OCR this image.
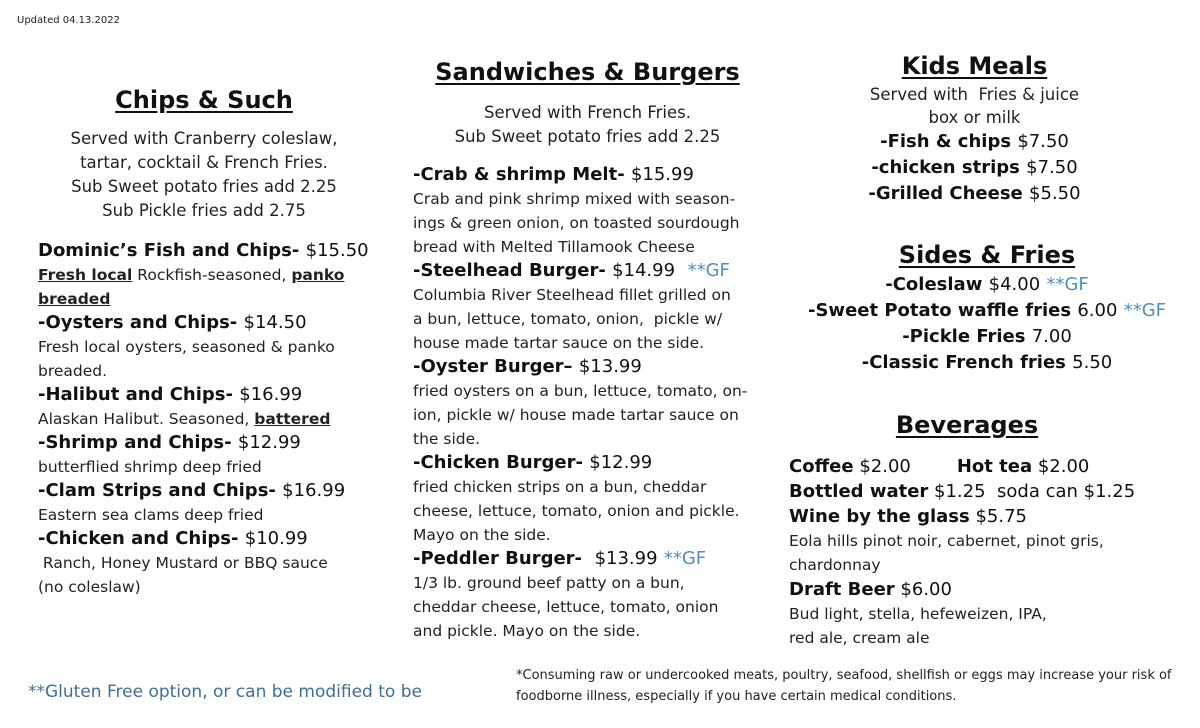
Updated 04.13.2022
Chips & Such
Served with Cranberry coleslaw,
tartar, cocktail & French Fries.
Sub Sweet potato fries add 2.25
Sub Pickle fries add 2.75
Dominic’s Fish and Chips- $15.50
Fresh local Rockfish-seasoned, panko
breaded
-Oysters and Chips- $14.50
Fresh local oysters, seasoned & panko
breaded.
-Halibut and Chips- $16.99
Alaskan Halibut. Seasoned, battered
-Shrimp and Chips- $12.99
butterflied shrimp deep fried
-Clam Strips and Chips- $16.99
Eastern sea clams deep fried
-Chicken and Chips- $10.99
Ranch, Honey Mustard or BBQ sauce
(no coleslaw)
Sandwiches & Burgers
Served with French Fries.
Sub Sweet potato fries add 2.25
-Crab & shrimp Melt- $15.99
Crab and pink shrimp mixed with season-
ings & green onion, on toasted sourdough
bread with Melted Tillamook Cheese
-Steelhead Burger- $14.99 **GF
Columbia River Steelhead fillet grilled on
a bun, lettuce, tomato, onion,  pickle w/
house made tartar sauce on the side.
-Oyster Burger– $13.99
fried oysters on a bun, lettuce, tomato, on-
ion, pickle w/ house made tartar sauce on
the side.
-Chicken Burger- $12.99
fried chicken strips on a bun, cheddar
cheese, lettuce, tomato, onion and pickle.
Mayo on the side.
-Peddler Burger- $13.99 **GF
1/3 lb. ground beef patty on a bun,
cheddar cheese, lettuce, tomato, onion
and pickle. Mayo on the side.
Kids Meals
Served with  Fries & juice
box or milk
-Fish & chips $7.50
-chicken strips $7.50
-Grilled Cheese $5.50
Sides & Fries
-Coleslaw $4.00 **GF
-Sweet Potato waffle fries 6.00 **GF
-Pickle Fries 7.00
-Classic French fries 5.50
Beverages
Coffee $2.00	Hot tea $2.00
Bottled water $1.25 soda can $1.25
Wine by the glass $5.75
Eola hills pinot noir, cabernet, pinot gris,
chardonnay
Draft Beer $6.00
Bud light, stella, hefeweizen, IPA,
red ale, cream ale
**Gluten Free option, or can be modified to be
*Consuming raw or undercooked meats, poultry, seafood, shellfish or eggs may increase your risk of
foodborne illness, especially if you have certain medical conditions.
